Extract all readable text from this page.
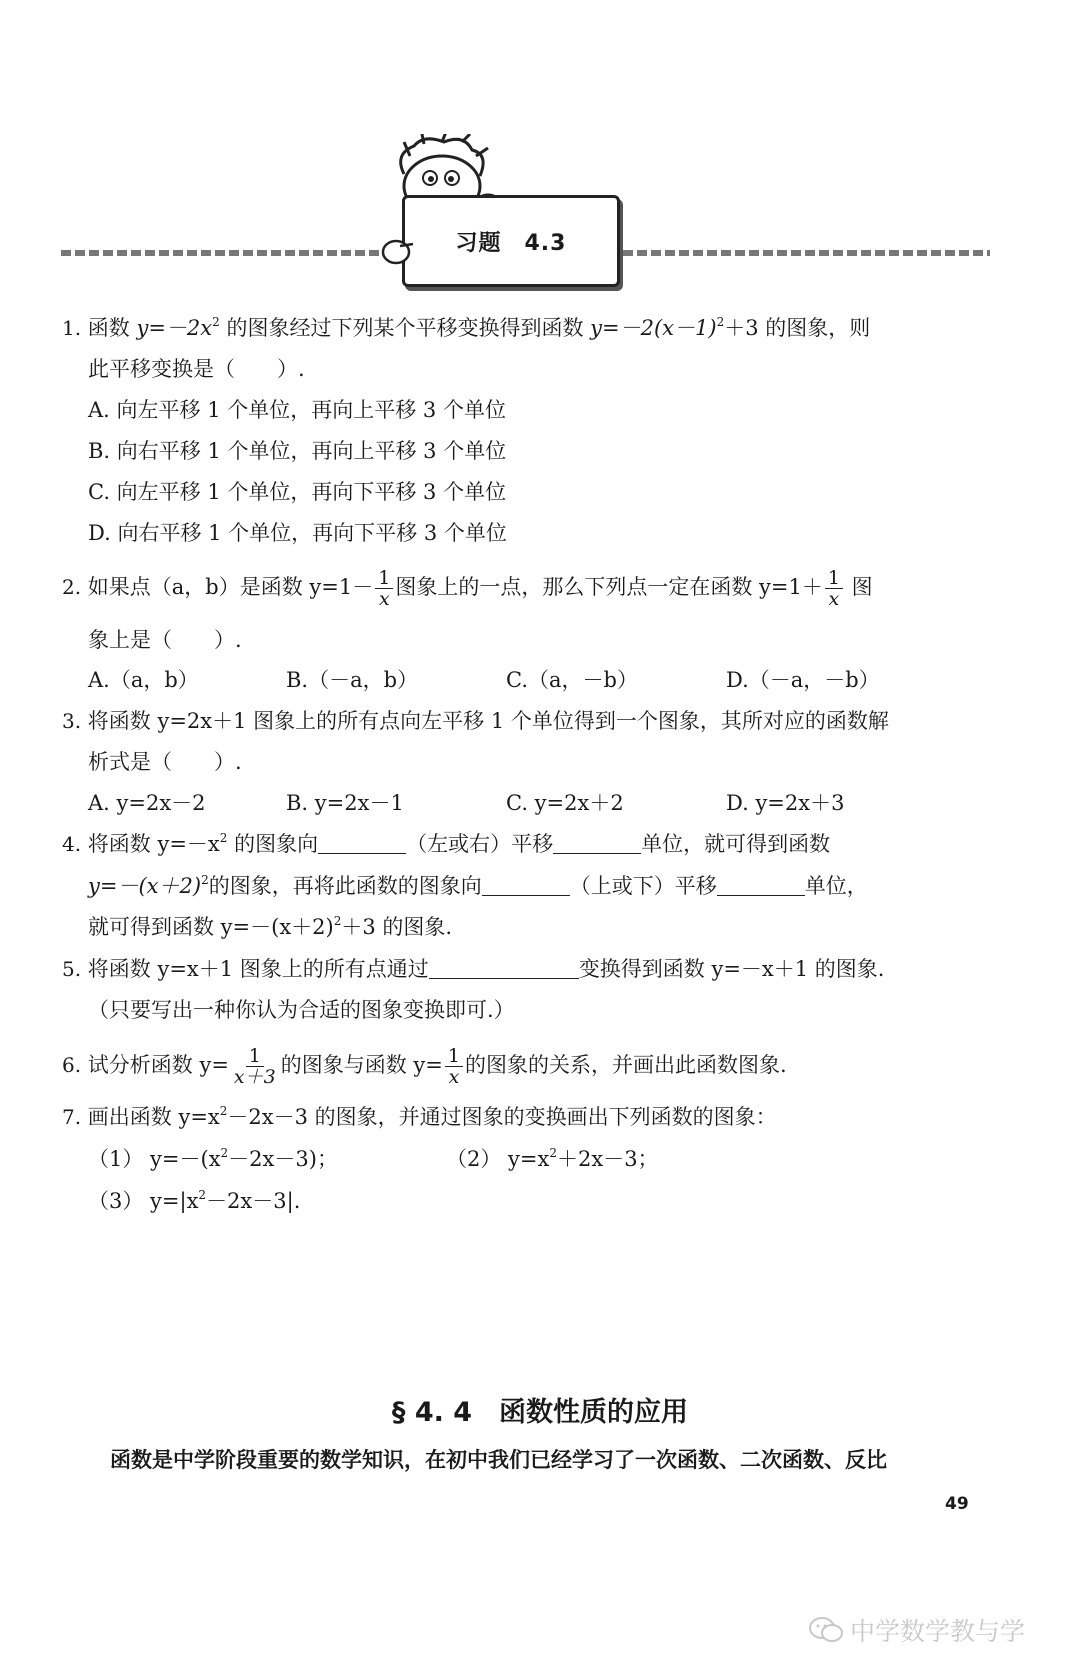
习题　4.3
1. 函数 $y=-2x^2$ 的图象经过下列某个平移变换得到函数 $y=-2(x-1)^2+3$ 的图象，则
此平移变换是（　　）.
A. 向左平移 1 个单位，再向上平移 3 个单位
B. 向右平移 1 个单位，再向上平移 3 个单位
C. 向左平移 1 个单位，再向下平移 3 个单位
D. 向右平移 1 个单位，再向下平移 3 个单位
2. 如果点（a，b）是函数 $y=1- \frac{1}{x}$ 图象上的一点，那么下列点一定在函数 $y=1+ \frac{1}{x}$ 图
象上是（　　）.
A.（a，b）	B.（－a，b）	C.（a，－b）	D.（－a，－b）
3. 将函数 y=2x＋1 图象上的所有点向左平移 1 个单位得到一个图象，其所对应的函数解
析式是（　　）.
A. y=2x－2	B. y=2x－1	C. y=2x＋2	D. y=2x＋3
4. 将函数 $y=-x^2$ 的图象向	（左或右）平移	单位，就可得到函数
$y=-(x+2)^2$的图象，再将此函数的图象向	（上或下）平移	单位，
就可得到函数 $y=-(x+2)^2+3$ 的图象.
5. 将函数 y=x＋1 图象上的所有点通过	变换得到函数 y=－x＋1 的图象.
（只要写出一种你认为合适的图象变换即可.）
6. 试分析函数 $y= \frac{1}{x+3}$ 的图象与函数 $y= \frac{1}{x}$ 的图象的关系，并画出此函数图象.
7. 画出函数 $y=x^2-2x-3$ 的图象，并通过图象的变换画出下列函数的图象：
（1） $y=-(x^2-2x-3)$；	（2） $y=x^2+2x-3$；
（3） $y=|x^2-2x-3|$.
§ 4. 4　函数性质的应用
函数是中学阶段重要的数学知识，在初中我们已经学习了一次函数、二次函数、反比
49
中学数学教与学
